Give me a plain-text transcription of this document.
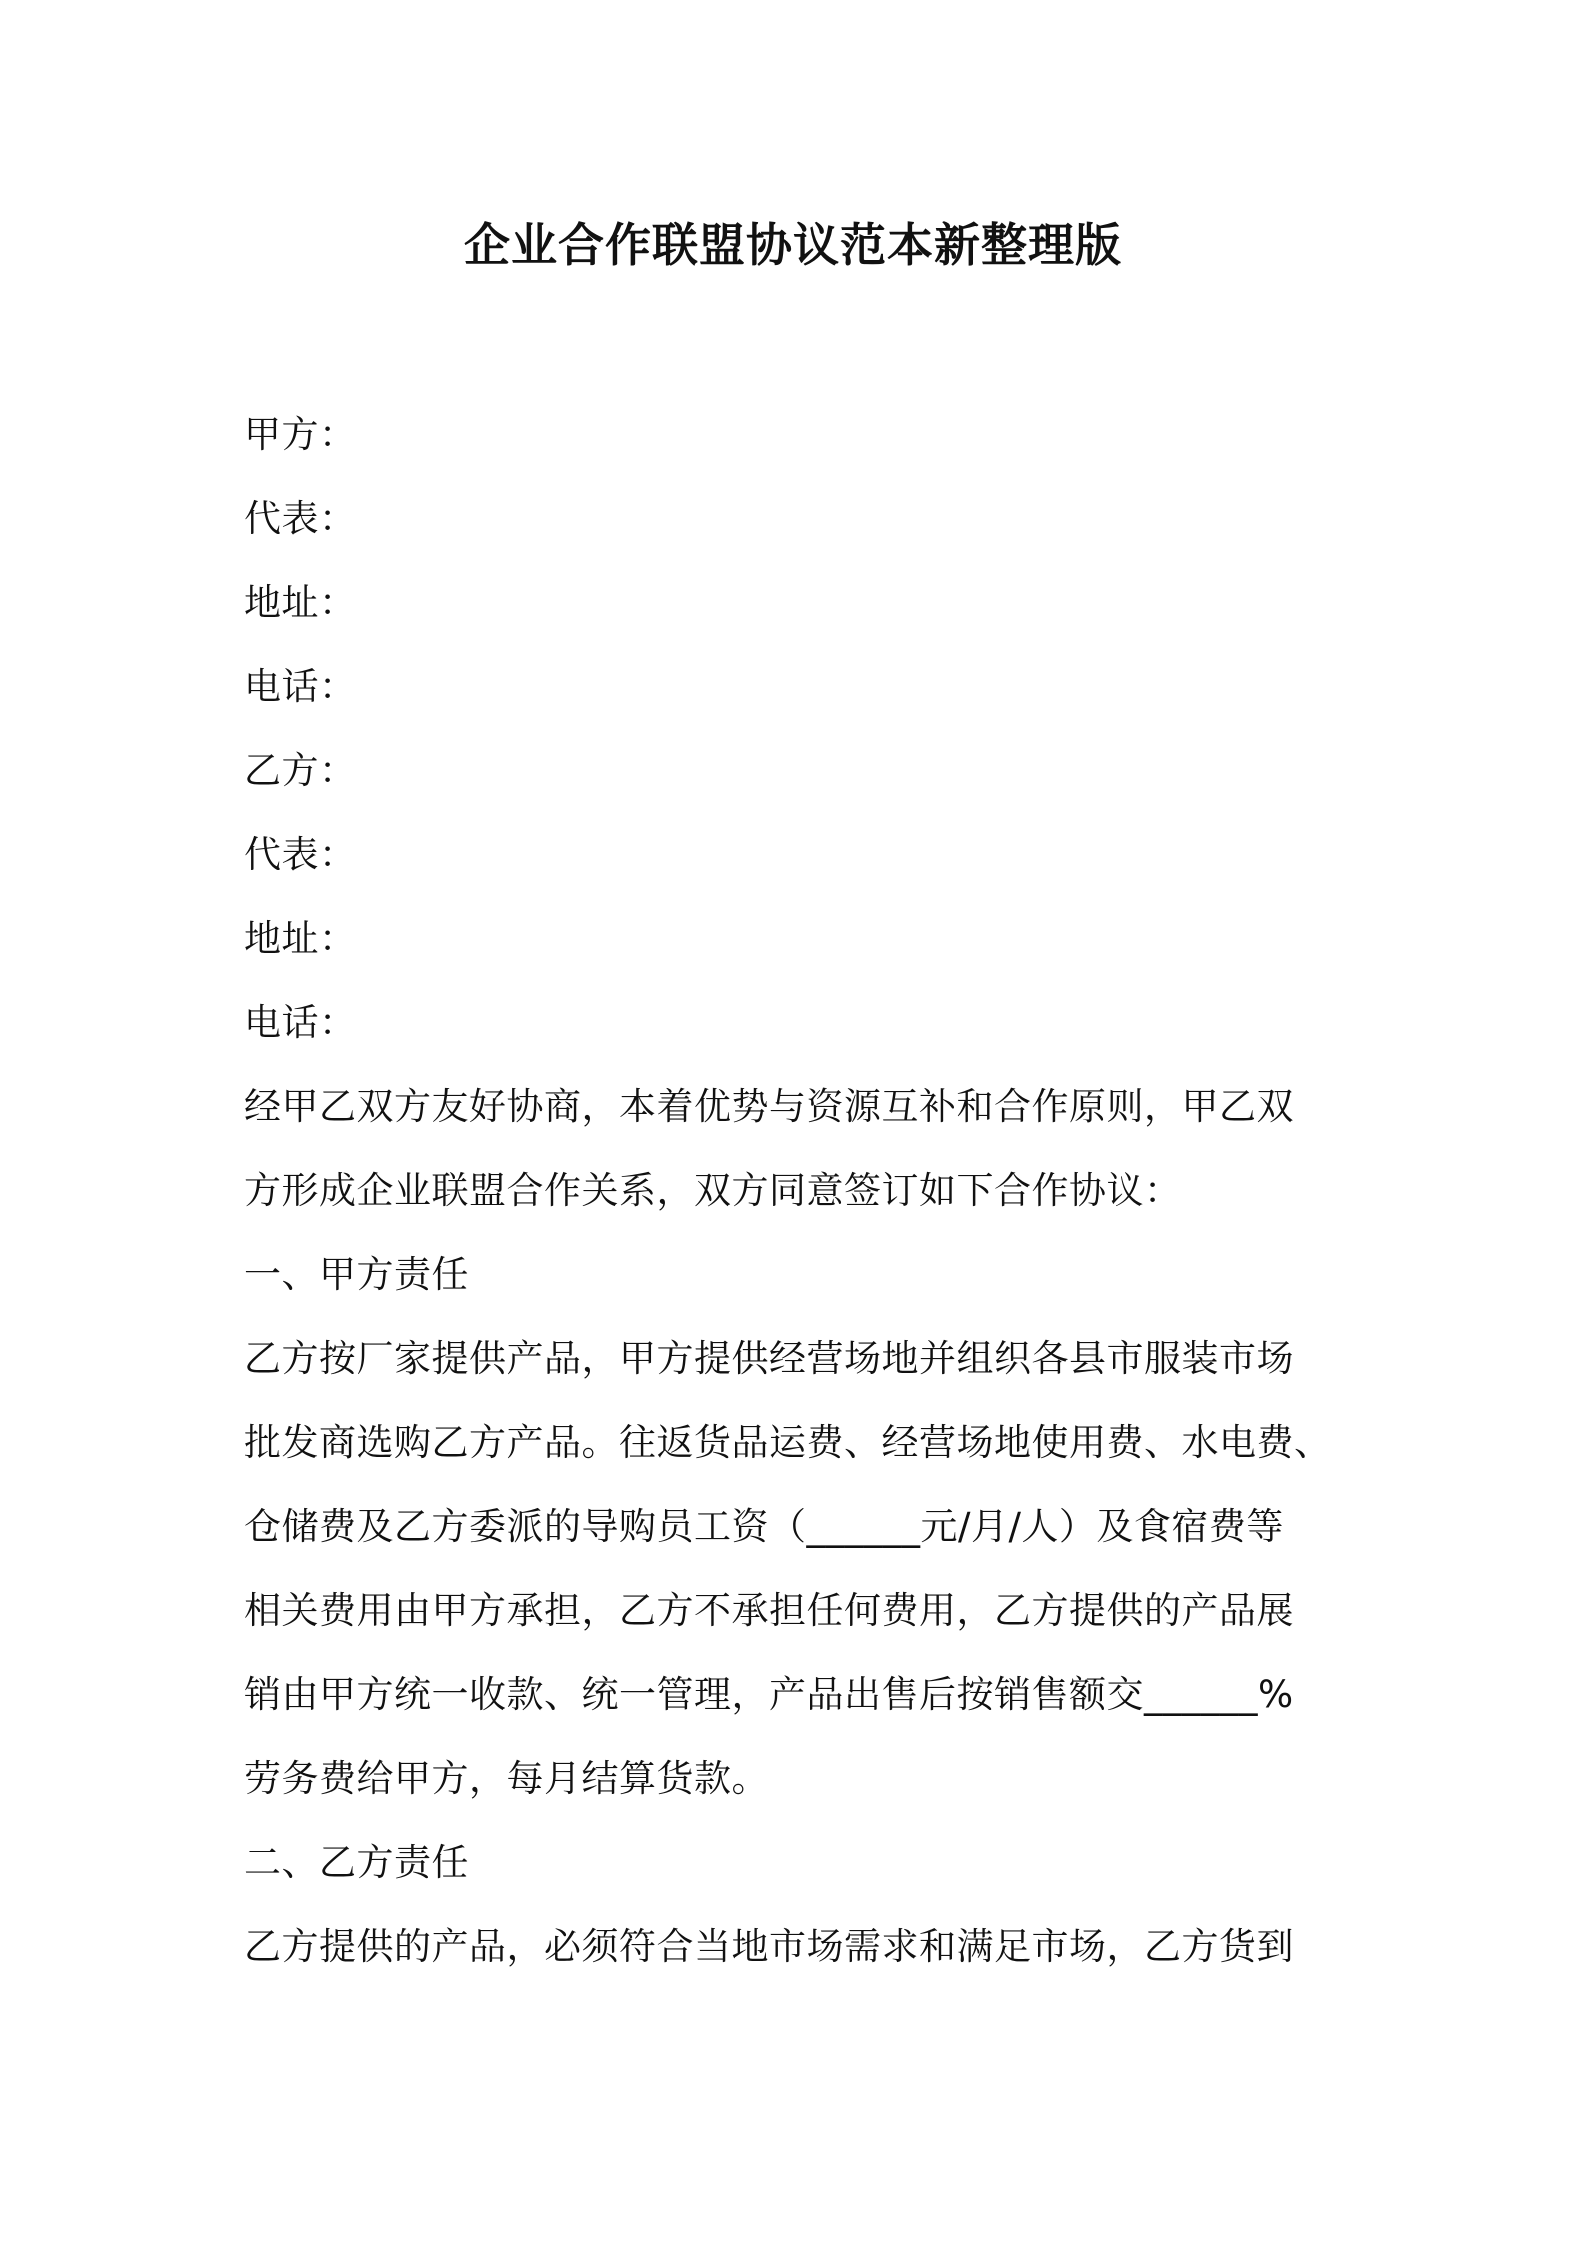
企业合作联盟协议范本新整理版
甲方：
代表：
地址：
电话：
乙方：
代表：
地址：
电话：
经甲乙双方友好协商，本着优势与资源互补和合作原则，甲乙双
方形成企业联盟合作关系，双方同意签订如下合作协议：
一、甲方责任
乙方按厂家提供产品，甲方提供经营场地并组织各县市服装市场
批发商选购乙方产品。往返货品运费、经营场地使用费、水电费、
仓储费及乙方委派的导购员工资（______元/月/人）及食宿费等
相关费用由甲方承担，乙方不承担任何费用，乙方提供的产品展
销由甲方统一收款、统一管理，产品出售后按销售额交______%
劳务费给甲方，每月结算货款。
二、乙方责任
乙方提供的产品，必须符合当地市场需求和满足市场，乙方货到
